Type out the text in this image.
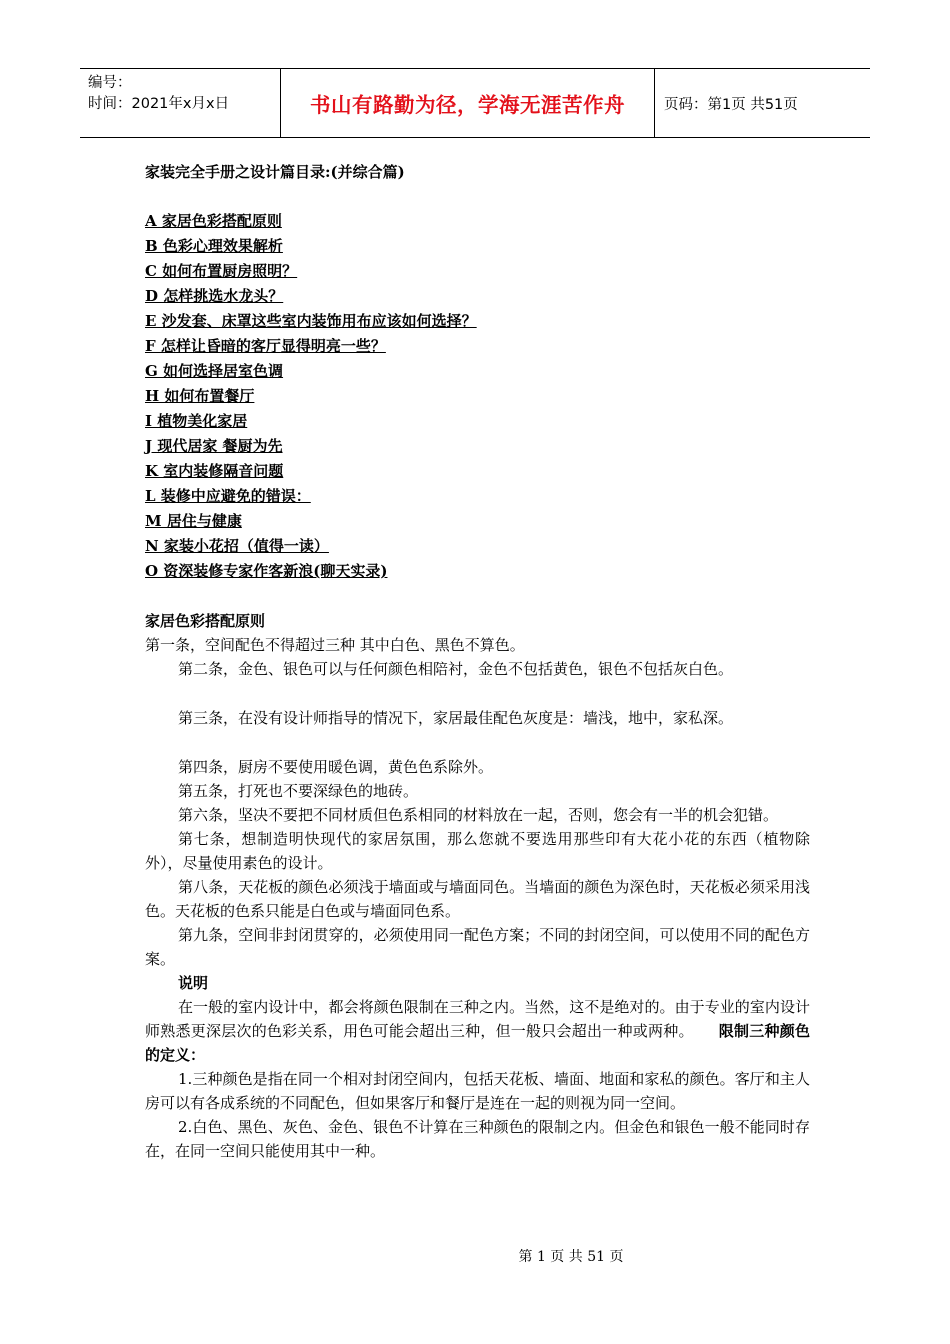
编号：
时间：2021年x月x日	书山有路勤为径，学海无涯苦作舟	页码：第1页 共51页
家装完全手册之设计篇目录:(并综合篇)
A 家居色彩搭配原则
B 色彩心理效果解析
C 如何布置厨房照明？
D 怎样挑选水龙头？
E 沙发套、床罩这些室内装饰用布应该如何选择？
F 怎样让昏暗的客厅显得明亮一些？
G 如何选择居室色调
H 如何布置餐厅
I 植物美化家居
J 现代居家 餐厨为先
K 室内装修隔音问题
L 装修中应避免的错误：
M 居住与健康
N 家装小花招（值得一读）
O 资深装修专家作客新浪(聊天实录)
家居色彩搭配原则

第一条，空间配色不得超过三种 其中白色、黑色不算色。

第二条，金色、银色可以与任何颜色相陪衬，金色不包括黄色，银色不包括灰白色。

第三条，在没有设计师指导的情况下，家居最佳配色灰度是：墙浅，地中，家私深。

第四条，厨房不要使用暖色调，黄色色系除外。

第五条，打死也不要深绿色的地砖。

第六条，坚决不要把不同材质但色系相同的材料放在一起，否则，您会有一半的机会犯错。

第七条，想制造明快现代的家居氛围，那么您就不要选用那些印有大花小花的东西（植物除外），尽量使用素色的设计。

第八条，天花板的颜色必须浅于墙面或与墙面同色。当墙面的颜色为深色时，天花板必须采用浅色。天花板的色系只能是白色或与墙面同色系。

第九条，空间非封闭贯穿的，必须使用同一配色方案；不同的封闭空间，可以使用不同的配色方案。

说明

在一般的室内设计中，都会将颜色限制在三种之内。当然，这不是绝对的。由于专业的室内设计师熟悉更深层次的色彩关系，用色可能会超出三种，但一般只会超出一种或两种。 限制三种颜色的定义：

1.三种颜色是指在同一个相对封闭空间内，包括天花板、墙面、地面和家私的颜色。客厅和主人房可以有各成系统的不同配色，但如果客厅和餐厅是连在一起的则视为同一空间。

2.白色、黑色、灰色、金色、银色不计算在三种颜色的限制之内。但金色和银色一般不能同时存在，在同一空间只能使用其中一种。

第 1 页 共 51 页
